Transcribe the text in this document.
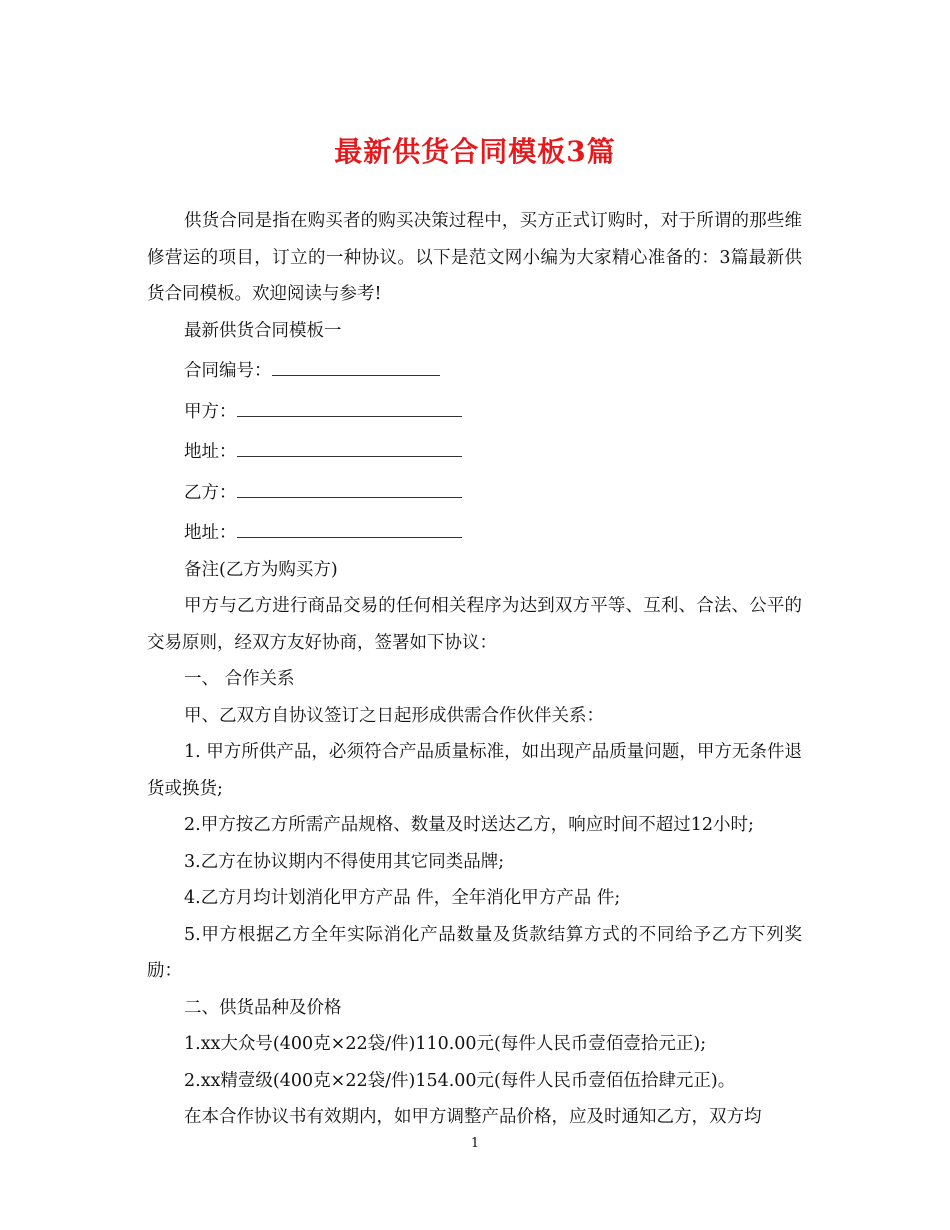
最新供货合同模板3篇

供货合同是指在购买者的购买决策过程中，买方正式订购时，对于所谓的那些维修营运的项目，订立的一种协议。以下是范文网小编为大家精心准备的：3篇最新供货合同模板。欢迎阅读与参考!

最新供货合同模板一

合同编号：

甲方：

地址：

乙方：

地址：

备注(乙方为购买方)

甲方与乙方进行商品交易的任何相关程序为达到双方平等、互利、合法、公平的交易原则，经双方友好协商，签署如下协议：

一、 合作关系

甲、乙双方自协议签订之日起形成供需合作伙伴关系：

1. 甲方所供产品，必须符合产品质量标准，如出现产品质量问题，甲方无条件退货或换货;

2.甲方按乙方所需产品规格、数量及时送达乙方，响应时间不超过12小时;

3.乙方在协议期内不得使用其它同类品牌;

4.乙方月均计划消化甲方产品 件，全年消化甲方产品 件;

5.甲方根据乙方全年实际消化产品数量及货款结算方式的不同给予乙方下列奖励：

二、供货品种及价格

1.xx大众号(400克×22袋/件)110.00元(每件人民币壹佰壹拾元正);

2.xx精壹级(400克×22袋/件)154.00元(每件人民币壹佰伍拾肆元正)。

在本合作协议书有效期内，如甲方调整产品价格，应及时通知乙方，双方均

1
